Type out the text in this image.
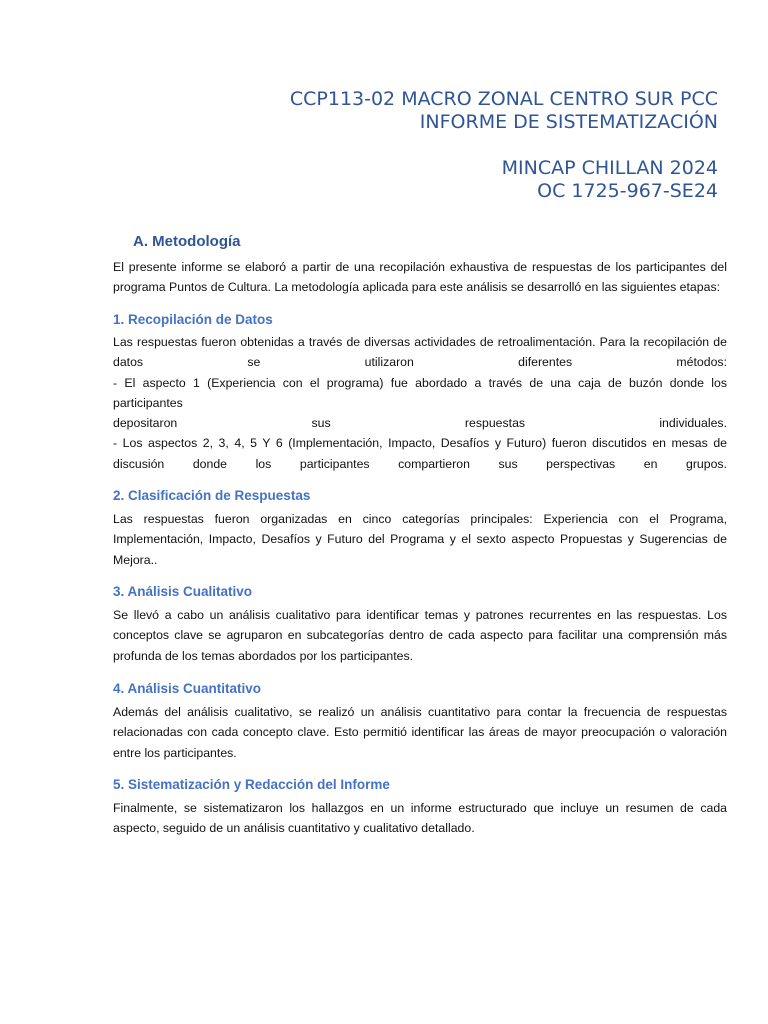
CCP113-02 MACRO ZONAL CENTRO SUR PCC
INFORME DE SISTEMATIZACIÓN
MINCAP CHILLAN 2024
OC 1725-967-SE24
A. Metodología

El presente informe se elaboró a partir de una recopilación exhaustiva de respuestas de los participantes del

programa Puntos de Cultura. La metodología aplicada para este análisis se desarrolló en las siguientes etapas:

1. Recopilación de Datos

Las respuestas fueron obtenidas a través de diversas actividades de retroalimentación. Para la recopilación de

datos se utilizaron diferentes métodos:

- El aspecto 1 (Experiencia con el programa) fue abordado a través de una caja de buzón donde los participantes

depositaron sus respuestas individuales.

- Los aspectos 2, 3, 4, 5 Y 6 (Implementación, Impacto, Desafíos y Futuro) fueron discutidos en mesas de

discusión donde los participantes compartieron sus perspectivas en grupos.

2. Clasificación de Respuestas

Las respuestas fueron organizadas en cinco categorías principales: Experiencia con el Programa,

Implementación, Impacto, Desafíos y Futuro del Programa y el sexto aspecto Propuestas y Sugerencias de

Mejora..

3. Análisis Cualitativo

Se llevó a cabo un análisis cualitativo para identificar temas y patrones recurrentes en las respuestas. Los

conceptos clave se agruparon en subcategorías dentro de cada aspecto para facilitar una comprensión más

profunda de los temas abordados por los participantes.

4. Análisis Cuantitativo

Además del análisis cualitativo, se realizó un análisis cuantitativo para contar la frecuencia de respuestas

relacionadas con cada concepto clave. Esto permitió identificar las áreas de mayor preocupación o valoración

entre los participantes.

5. Sistematización y Redacción del Informe

Finalmente, se sistematizaron los hallazgos en un informe estructurado que incluye un resumen de cada

aspecto, seguido de un análisis cuantitativo y cualitativo detallado.
